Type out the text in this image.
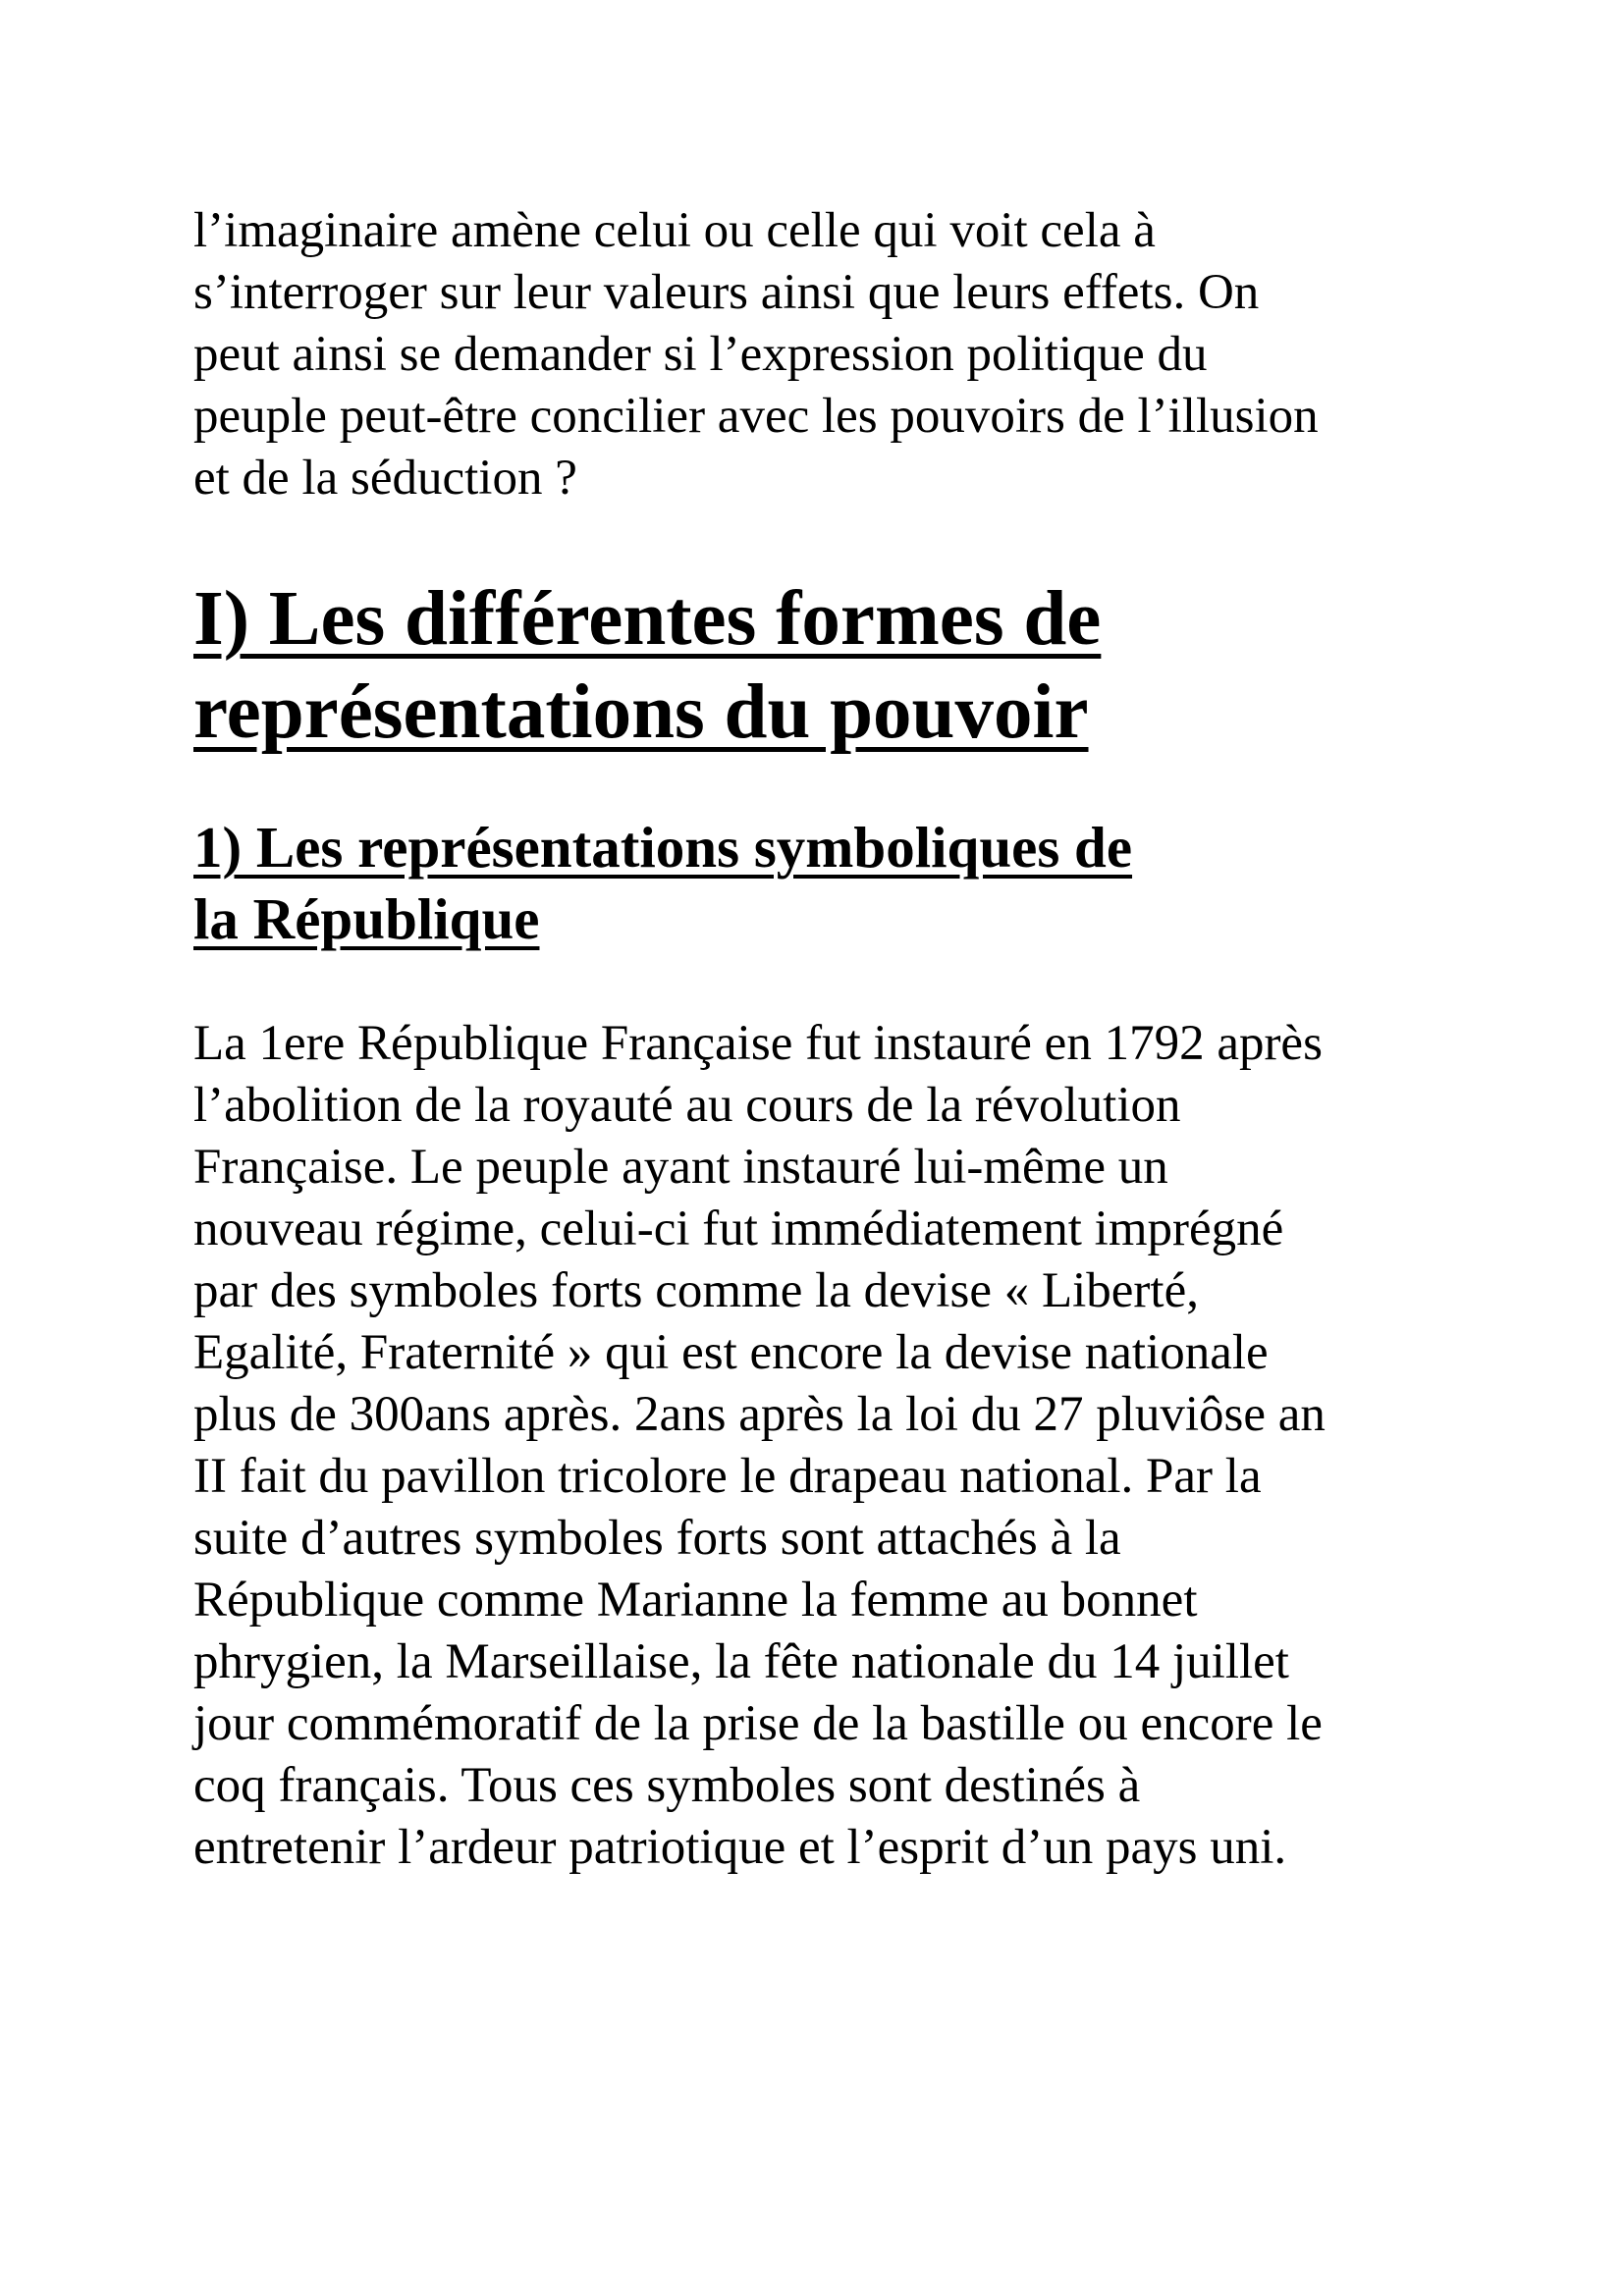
l’imaginaire amène celui ou celle qui voit cela à

s’interroger sur leur valeurs ainsi que leurs effets. On

peut ainsi se demander si l’expression politique du

peuple peut-être concilier avec les pouvoirs de l’illusion

et de la séduction ?

I) Les différentes formes de
représentations du pouvoir
1) Les représentations symboliques de
la République

La 1ere République Française fut instauré en 1792 après

l’abolition de la royauté au cours de la révolution

Française. Le peuple ayant instauré lui-même un

nouveau régime, celui-ci fut immédiatement imprégné

par des symboles forts comme la devise « Liberté,

Egalité, Fraternité » qui est encore la devise nationale

plus de 300ans après. 2ans après la loi du 27 pluviôse an

II fait du pavillon tricolore le drapeau national. Par la

suite d’autres symboles forts sont attachés à la

République comme Marianne la femme au bonnet

phrygien, la Marseillaise, la fête nationale du 14 juillet

jour commémoratif de la prise de la bastille ou encore le

coq français. Tous ces symboles sont destinés à

entretenir l’ardeur patriotique et l’esprit d’un pays uni.
